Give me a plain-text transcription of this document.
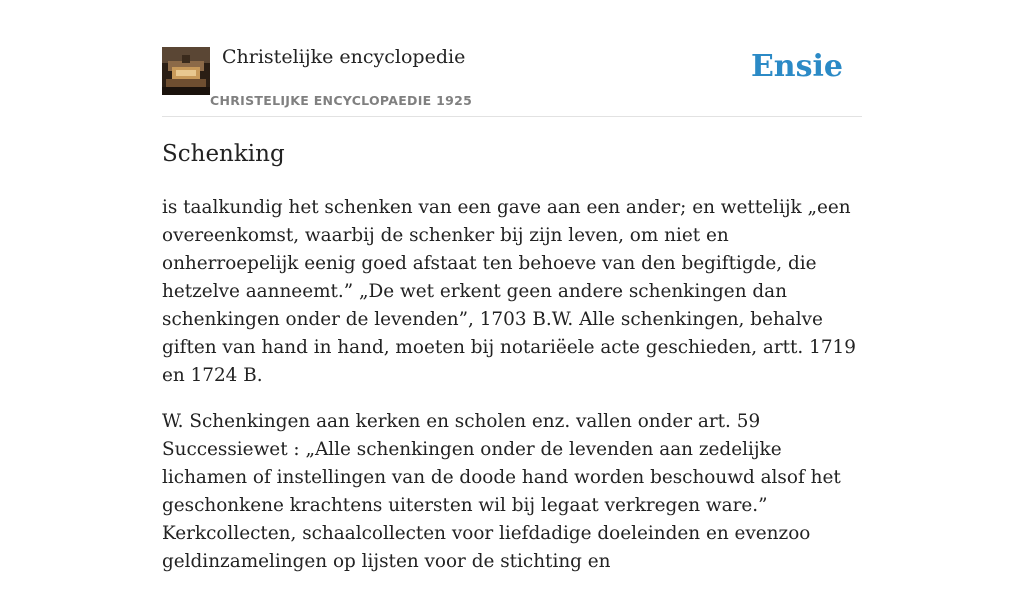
Christelijke encyclopedie
CHRISTELIJKE ENCYCLOPAEDIE 1925
Ensie
Schenking

is taalkundig het schenken van een gave aan een ander; en wettelijk „een overeenkomst, waarbij de schenker bij zijn leven, om niet en onherroepelijk eenig goed afstaat ten behoeve van den begiftigde, die hetzelve aanneemt.” „De wet erkent geen andere schenkingen dan schenkingen onder de levenden”, 1703 B.W. Alle schenkingen, behalve giften van hand in hand, moeten bij notariëele acte geschieden, artt. 1719 en 1724 B.

W. Schenkingen aan kerken en scholen enz. vallen onder art. 59 Successiewet : „Alle schenkingen onder de levenden aan zedelijke lichamen of instellingen van de doode hand worden beschouwd alsof het geschonkene krachtens uitersten wil bij legaat verkregen ware.” Kerkcollecten, schaalcollecten voor liefdadige doeleinden en evenzoo geldinzamelingen op lijsten voor de stichting en
